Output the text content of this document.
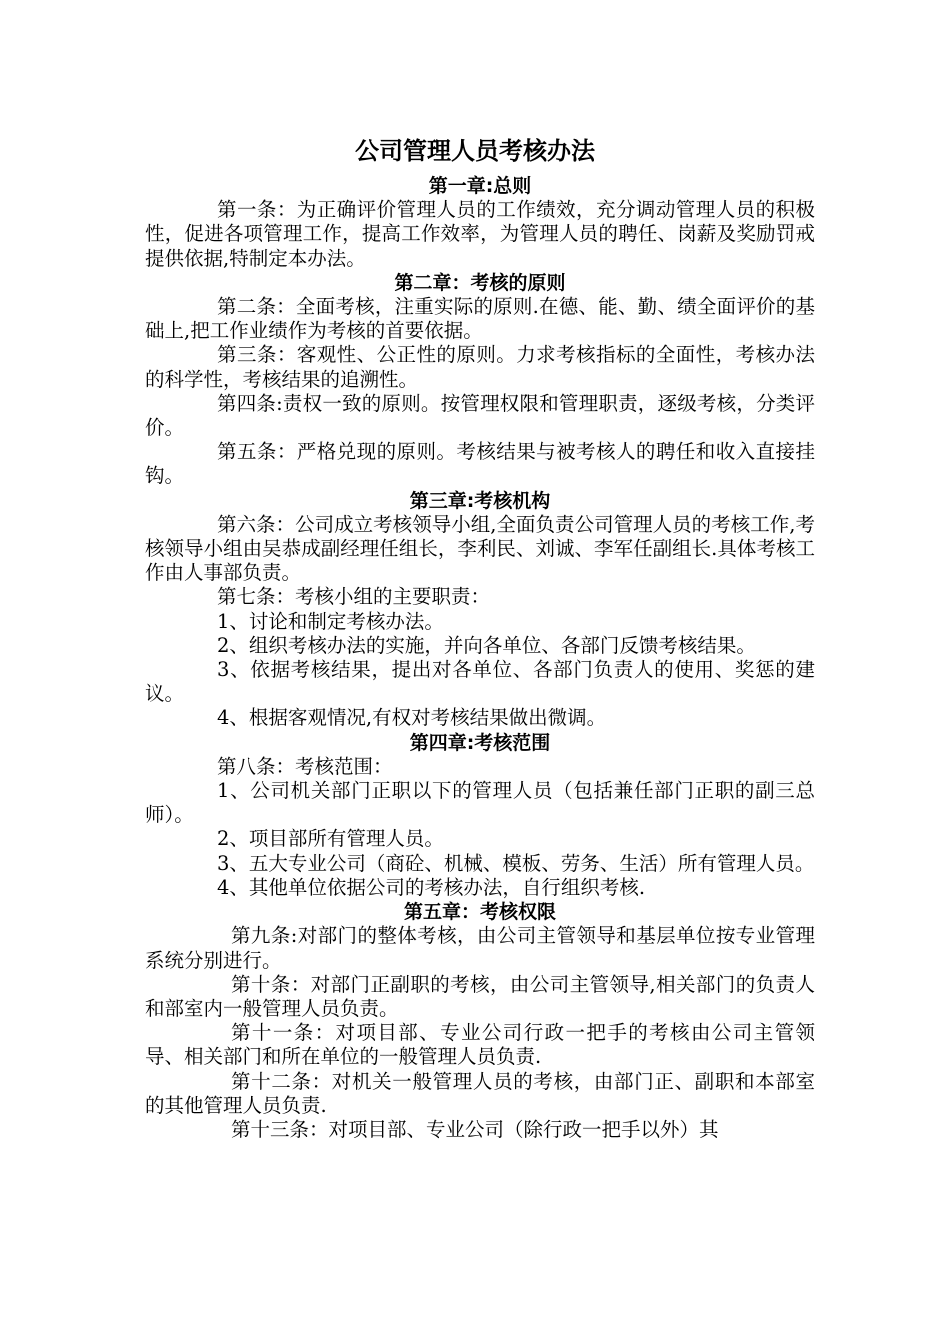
公司管理人员考核办法
第一章:总则

第一条：为正确评价管理人员的工作绩效，充分调动管理人员的积极性，促进各项管理工作，提高工作效率，为管理人员的聘任、岗薪及奖励罚戒提供依据,特制定本办法。

第二章：考核的原则

第二条：全面考核，注重实际的原则.在德、能、勤、绩全面评价的基础上,把工作业绩作为考核的首要依据。

第三条：客观性、公正性的原则。力求考核指标的全面性，考核办法的科学性，考核结果的追溯性。

第四条:责权一致的原则。按管理权限和管理职责，逐级考核，分类评价。

第五条：严格兑现的原则。考核结果与被考核人的聘任和收入直接挂钩。

第三章:考核机构

第六条：公司成立考核领导小组,全面负责公司管理人员的考核工作,考核领导小组由吴恭成副经理任组长，李利民、刘诚、李军任副组长.具体考核工作由人事部负责。

第七条：考核小组的主要职责：

1、讨论和制定考核办法。

2、组织考核办法的实施，并向各单位、各部门反馈考核结果。

3、依据考核结果，提出对各单位、各部门负责人的使用、奖惩的建议。

4、根据客观情况,有权对考核结果做出微调。

第四章:考核范围

第八条：考核范围：

1、公司机关部门正职以下的管理人员（包括兼任部门正职的副三总师）。

2、项目部所有管理人员。

3、五大专业公司（商砼、机械、模板、劳务、生活）所有管理人员。

4、其他单位依据公司的考核办法，自行组织考核.

第五章：考核权限

第九条:对部门的整体考核，由公司主管领导和基层单位按专业管理系统分别进行。

第十条：对部门正副职的考核，由公司主管领导,相关部门的负责人和部室内一般管理人员负责。

第十一条：对项目部、专业公司行政一把手的考核由公司主管领导、相关部门和所在单位的一般管理人员负责.

第十二条：对机关一般管理人员的考核，由部门正、副职和本部室的其他管理人员负责.

第十三条：对项目部、专业公司（除行政一把手以外）其
